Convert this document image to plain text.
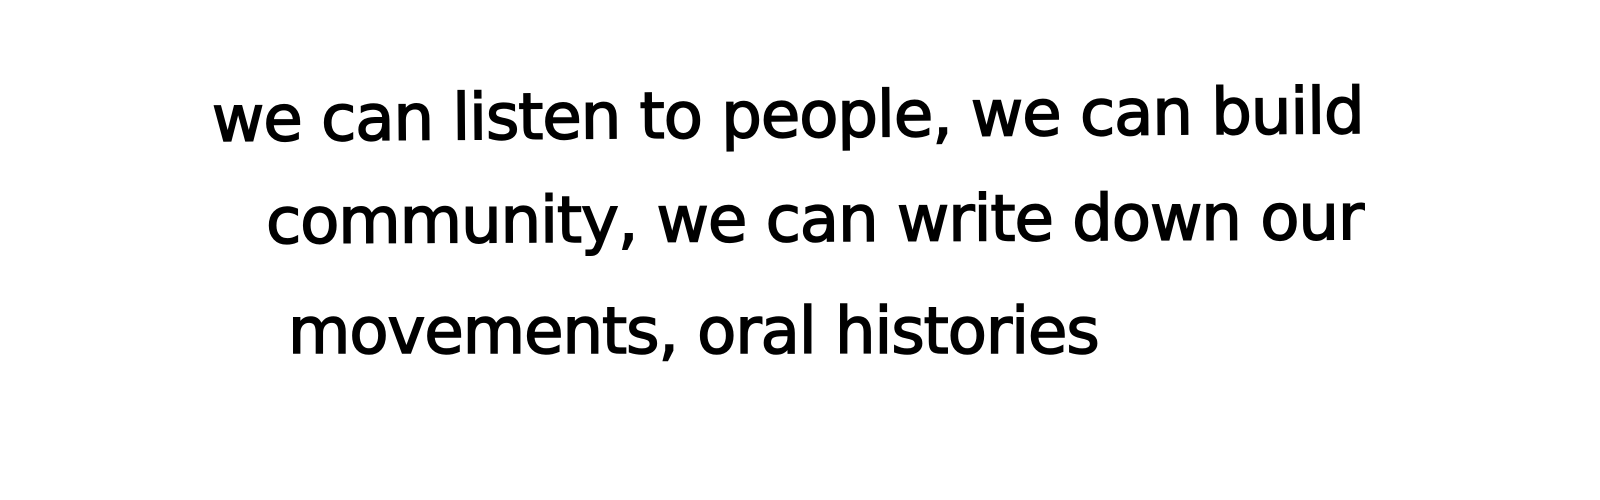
we can listen to people, we can build

community, we can write down our

movements, oral histories
